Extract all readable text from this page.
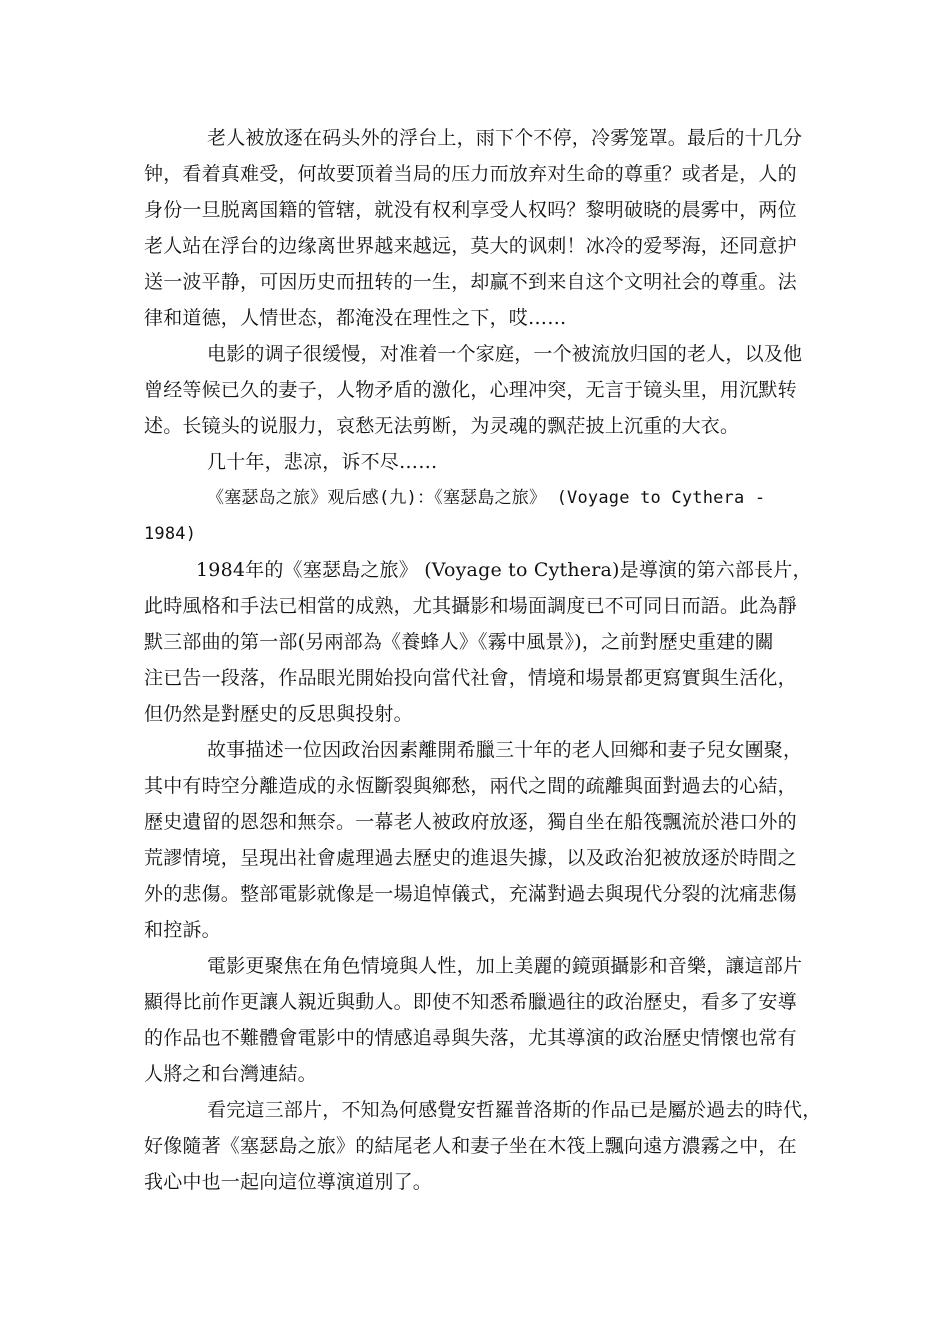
老人被放逐在码头外的浮台上，雨下个不停，冷雾笼罩。最后的十几分
钟，看着真难受，何故要顶着当局的压力而放弃对生命的尊重？或者是，人的
身份一旦脱离国籍的管辖，就没有权利享受人权吗？黎明破晓的晨雾中，两位
老人站在浮台的边缘离世界越来越远，莫大的讽刺！冰冷的爱琴海，还同意护
送一波平静，可因历史而扭转的一生，却赢不到来自这个文明社会的尊重。法
律和道德，人情世态，都淹没在理性之下，哎……
电影的调子很缓慢，对准着一个家庭，一个被流放归国的老人，以及他
曾经等候已久的妻子，人物矛盾的激化，心理冲突，无言于镜头里，用沉默转
述。长镜头的说服力，哀愁无法剪断，为灵魂的飘茫披上沉重的大衣。
几十年，悲凉，诉不尽……
《塞瑟岛之旅》观后感(九)：《塞瑟島之旅》 (Voyage to Cythera -
1984)
1984年的《塞瑟島之旅》 (Voyage to Cythera)是導演的第六部長片，
此時風格和手法已相當的成熟，尤其攝影和場面調度已不可同日而語。此為靜
默三部曲的第一部(另兩部為《養蜂人》《霧中風景》)，之前對歷史重建的關
注已告一段落，作品眼光開始投向當代社會，情境和場景都更寫實與生活化，
但仍然是對歷史的反思與投射。
故事描述一位因政治因素離開希臘三十年的老人回鄉和妻子兒女團聚，
其中有時空分離造成的永恆斷裂與鄉愁，兩代之間的疏離與面對過去的心結，
歷史遺留的恩怨和無奈。一幕老人被政府放逐，獨自坐在船筏飄流於港口外的
荒謬情境，呈現出社會處理過去歷史的進退失據，以及政治犯被放逐於時間之
外的悲傷。整部電影就像是一場追悼儀式，充滿對過去與現代分裂的沈痛悲傷
和控訴。
電影更聚焦在角色情境與人性，加上美麗的鏡頭攝影和音樂，讓這部片
顯得比前作更讓人親近與動人。即使不知悉希臘過往的政治歷史，看多了安導
的作品也不難體會電影中的情感追尋與失落，尤其導演的政治歷史情懷也常有
人將之和台灣連結。
看完這三部片，不知為何感覺安哲羅普洛斯的作品已是屬於過去的時代，
好像隨著《塞瑟島之旅》的結尾老人和妻子坐在木筏上飄向遠方濃霧之中，在
我心中也一起向這位導演道別了。
